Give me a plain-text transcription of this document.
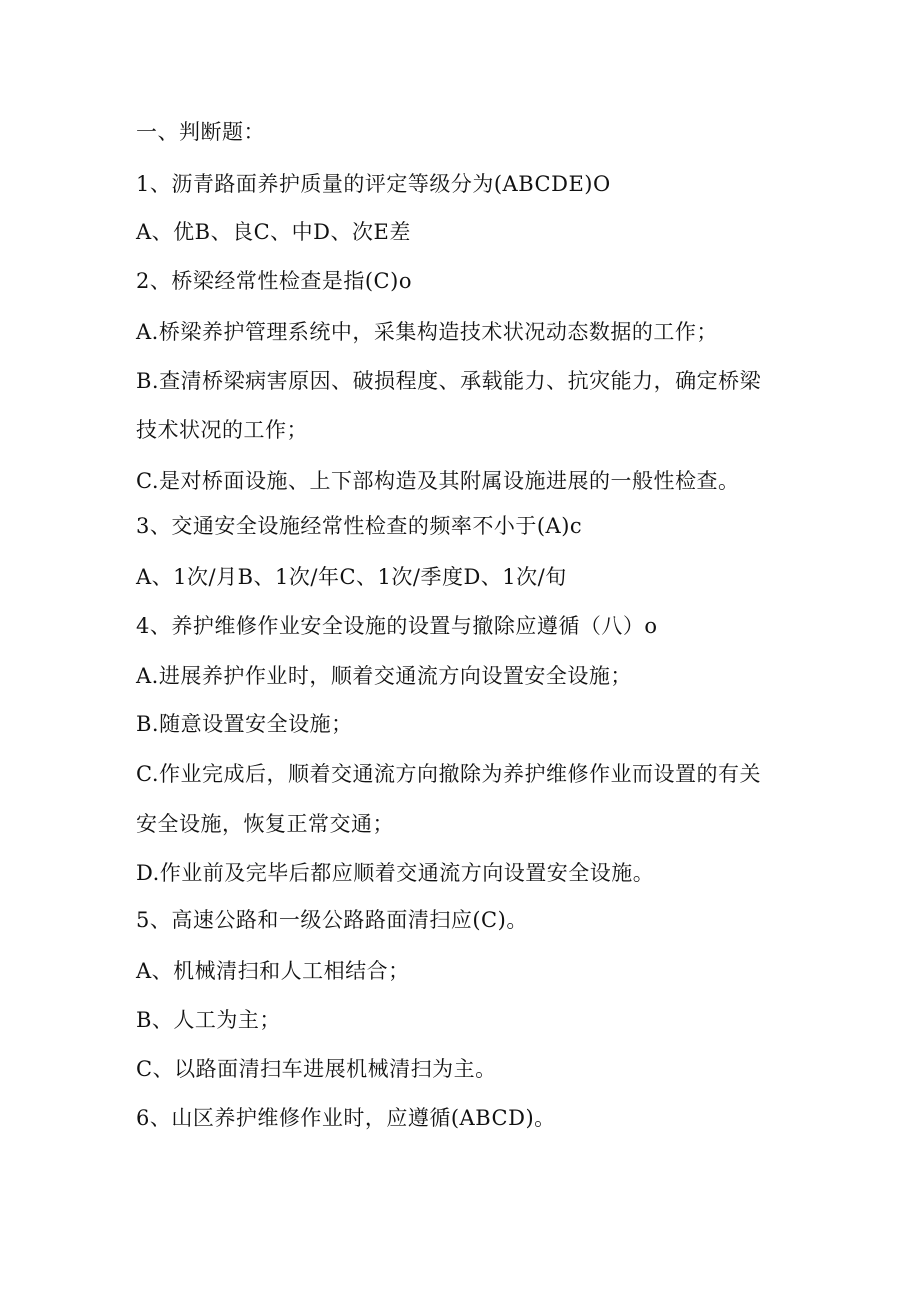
一、判断题：
1、沥青路面养护质量的评定等级分为(ABCDE)O
A、优B、良C、中D、次E差
2、桥梁经常性检查是指(C)o
A.桥梁养护管理系统中，采集构造技术状况动态数据的工作；
B.查清桥梁病害原因、破损程度、承载能力、抗灾能力，确定桥梁
技术状况的工作；
C.是对桥面设施、上下部构造及其附属设施进展的一般性检查。
3、交通安全设施经常性检查的频率不小于(A)c
A、1次/月B、1次/年C、1次/季度D、1次/旬
4、养护维修作业安全设施的设置与撤除应遵循（八）o
A.进展养护作业时，顺着交通流方向设置安全设施；
B.随意设置安全设施；
C.作业完成后，顺着交通流方向撤除为养护维修作业而设置的有关
安全设施，恢复正常交通；
D.作业前及完毕后都应顺着交通流方向设置安全设施。
5、高速公路和一级公路路面清扫应(C)。
A、机械清扫和人工相结合；
B、人工为主；
C、以路面清扫车进展机械清扫为主。
6、山区养护维修作业时，应遵循(ABCD)。
